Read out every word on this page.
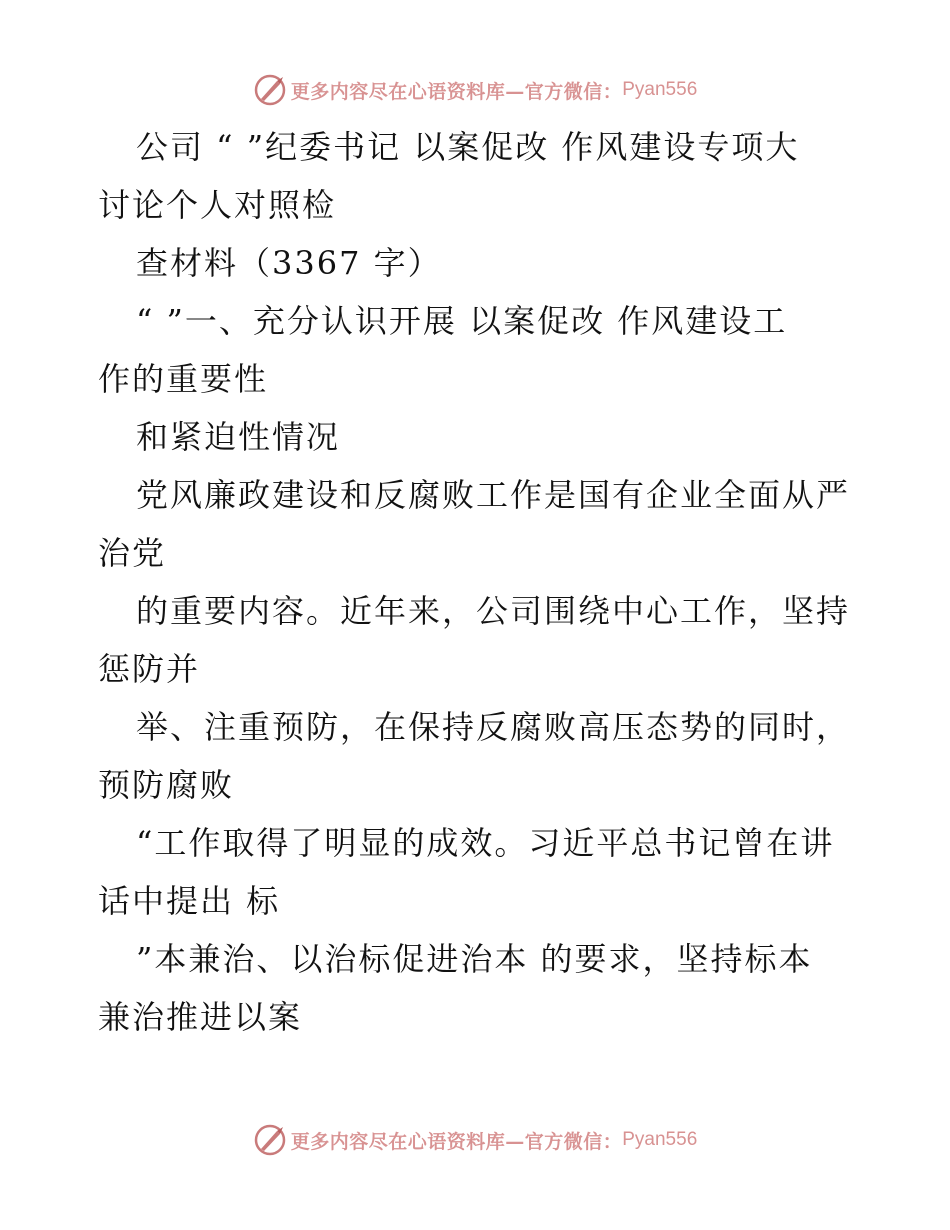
更多内容尽在心语资料库—官方微信： Pyan556
公司 “ ”纪委书记 以案促改 作风建设专项大
讨论个人对照检
查材料（3367 字）
“ ”一、充分认识开展 以案促改 作风建设工
作的重要性
和紧迫性情况
党风廉政建设和反腐败工作是国有企业全面从严
治党
的重要内容。近年来，公司围绕中心工作，坚持
惩防并
举、注重预防，在保持反腐败高压态势的同时，
预防腐败
“工作取得了明显的成效。习近平总书记曾在讲
话中提出 标
”本兼治、以治标促进治本 的要求，坚持标本
兼治推进以案
更多内容尽在心语资料库—官方微信： Pyan556
